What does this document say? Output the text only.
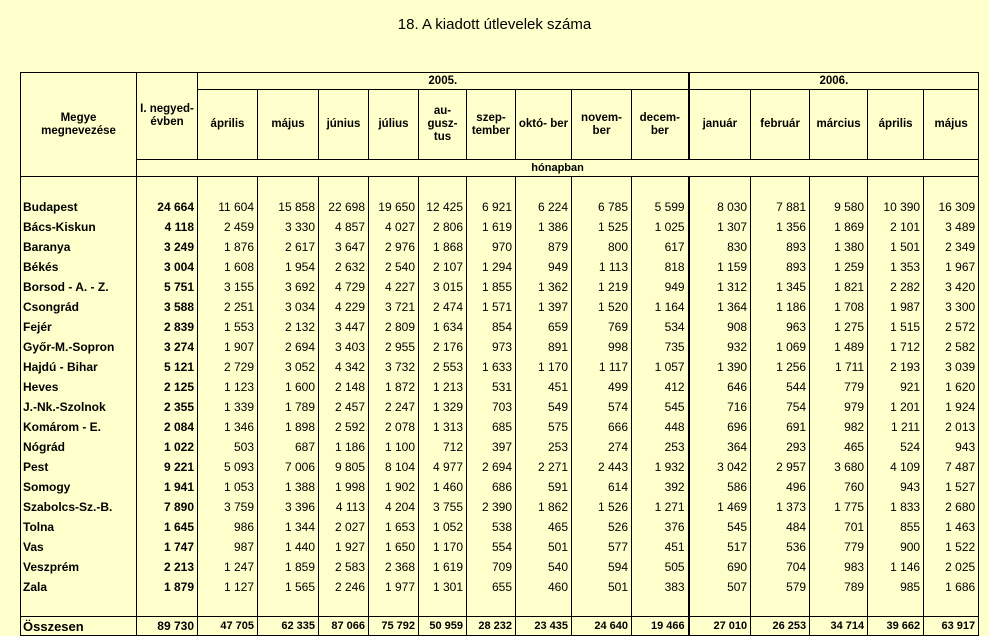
18. A kiadott útlevelek száma
Megye megnevezése	I. negyed- évben	2005.									2006.				
		április	május	június	július	au- gusz- tus	szep- tember	októ- ber	novem- ber	decem- ber	január	február	március	április	május
	hónapban														

Budapest	24 664	11 604	15 858	22 698	19 650	12 425	6 921	6 224	6 785	5 599	8 030	7 881	9 580	10 390	16 309
Bács-Kiskun	4 118	2 459	3 330	4 857	4 027	2 806	1 619	1 386	1 525	1 025	1 307	1 356	1 869	2 101	3 489
Baranya	3 249	1 876	2 617	3 647	2 976	1 868	970	879	800	617	830	893	1 380	1 501	2 349
Békés	3 004	1 608	1 954	2 632	2 540	2 107	1 294	949	1 113	818	1 159	893	1 259	1 353	1 967
Borsod - A. - Z.	5 751	3 155	3 692	4 729	4 227	3 015	1 855	1 362	1 219	949	1 312	1 345	1 821	2 282	3 420
Csongrád	3 588	2 251	3 034	4 229	3 721	2 474	1 571	1 397	1 520	1 164	1 364	1 186	1 708	1 987	3 300
Fejér	2 839	1 553	2 132	3 447	2 809	1 634	854	659	769	534	908	963	1 275	1 515	2 572
Győr-M.-Sopron	3 274	1 907	2 694	3 403	2 955	2 176	973	891	998	735	932	1 069	1 489	1 712	2 582
Hajdú - Bihar	5 121	2 729	3 052	4 342	3 732	2 553	1 633	1 170	1 117	1 057	1 390	1 256	1 711	2 193	3 039
Heves	2 125	1 123	1 600	2 148	1 872	1 213	531	451	499	412	646	544	779	921	1 620
J.-Nk.-Szolnok	2 355	1 339	1 789	2 457	2 247	1 329	703	549	574	545	716	754	979	1 201	1 924
Komárom - E.	2 084	1 346	1 898	2 592	2 078	1 313	685	575	666	448	696	691	982	1 211	2 013
Nógrád	1 022	503	687	1 186	1 100	712	397	253	274	253	364	293	465	524	943
Pest	9 221	5 093	7 006	9 805	8 104	4 977	2 694	2 271	2 443	1 932	3 042	2 957	3 680	4 109	7 487
Somogy	1 941	1 053	1 388	1 998	1 902	1 460	686	591	614	392	586	496	760	943	1 527
Szabolcs-Sz.-B.	7 890	3 759	3 396	4 113	4 204	3 755	2 390	1 862	1 526	1 271	1 469	1 373	1 775	1 833	2 680
Tolna	1 645	986	1 344	2 027	1 653	1 052	538	465	526	376	545	484	701	855	1 463
Vas	1 747	987	1 440	1 927	1 650	1 170	554	501	577	451	517	536	779	900	1 522
Veszprém	2 213	1 247	1 859	2 583	2 368	1 619	709	540	594	505	690	704	983	1 146	2 025
Zala	1 879	1 127	1 565	2 246	1 977	1 301	655	460	501	383	507	579	789	985	1 686

Összesen	89 730	47 705	62 335	87 066	75 792	50 959	28 232	23 435	24 640	19 466	27 010	26 253	34 714	39 662	63 917
